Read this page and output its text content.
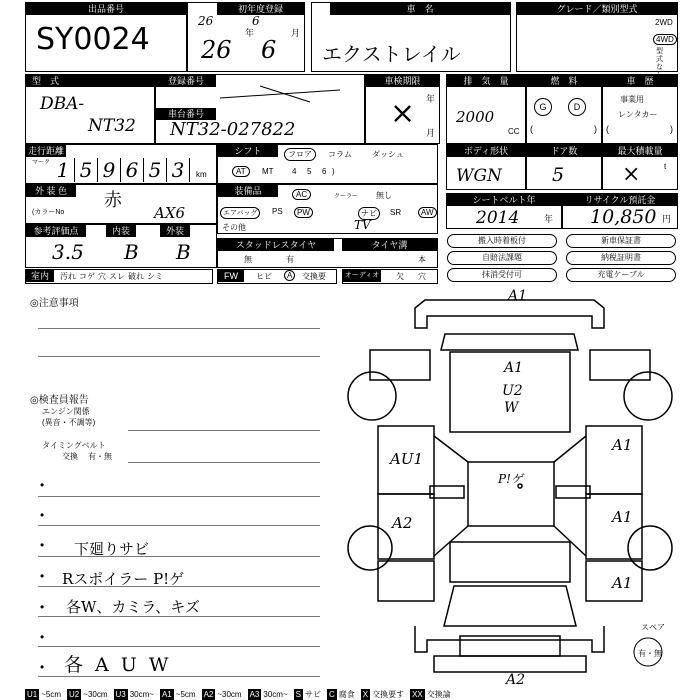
出品番号
SY0024
初年度登録
26	6
26 6
年	月
車　名
エクストレイル
グレード／類別型式
2WD
4WD
型式な
型　式
DBA-
NT32
登録番号
車台番号
NT32-027822
車検期限
年
月
×
排　気　量
2000
CC
燃　料
G	D
(	)
車　歴
事業用
レンタカー
(	)
走行距離
マーク 1 5 9 6 5 3	km
シフト	フロア	コラム	ダッシュ
AT	MT 4 5 6 )
ボディ形状
WGN
ドア数
5
最大積載量
×	t
外 装 色
(カラーNo
赤
AX6
装備品	AC	クーラー 無し
エアバッグ	PS	PW	ナビ	SR	AW
その他	TV
シートベルト年
2014	年
リサイクル預託金
10,850 円
参考評価点	内装	外装
3.5 B B	スタッドレスタイヤ	タイヤ溝
無	有	本
搬入時着板付	新車保証書
自賠法課題	納税証明書
抹消受付可	充電ケーブル
室内	汚れ コゲ 穴 スレ 破れ シミ	FW	ヒビ	A	交換要	オーディオ 欠 穴
◎注意事項
◎検査員報告
エンジン関係
(異音・不調等)
タイミングベルト
交換 有・無
•
•
•
•
•
•
•
下廻りサビ
Rスポイラー P!ゲ
各W、カミラ、キズ
各 A U W
A1
A1
U2
W
P!ゲ
AU1
A2
A1
A1
A1
A2
スペア
有・無
U1 ~5cm U2 ~30cm U3 30cm~ A1 ~5cm A2 ~30cm A3 30cm~ S サビ C 腐食 X 交換要す XX 交換論
